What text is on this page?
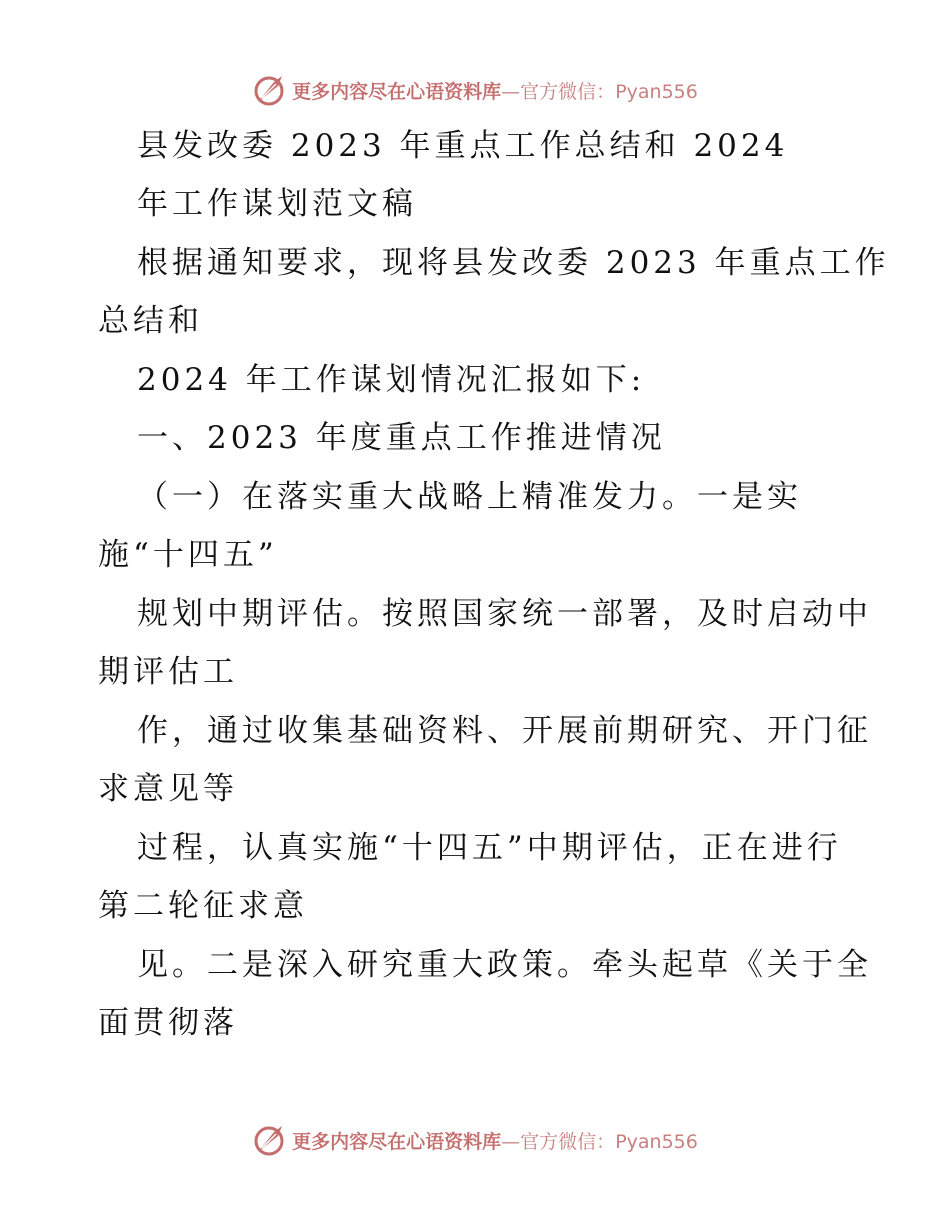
更多内容尽在心语资料库—官方微信：Pyan556
县发改委 2023 年重点工作总结和 2024
年工作谋划范文稿
根据通知要求，现将县发改委 2023 年重点工作
总结和
2024 年工作谋划情况汇报如下:
一、2023 年度重点工作推进情况
（一）在落实重大战略上精准发力。一是实
施“十四五”
规划中期评估。按照国家统一部署，及时启动中
期评估工
作，通过收集基础资料、开展前期研究、开门征
求意见等
过程，认真实施“十四五”中期评估，正在进行
第二轮征求意
见。二是深入研究重大政策。牵头起草《关于全
面贯彻落
更多内容尽在心语资料库—官方微信：Pyan556
